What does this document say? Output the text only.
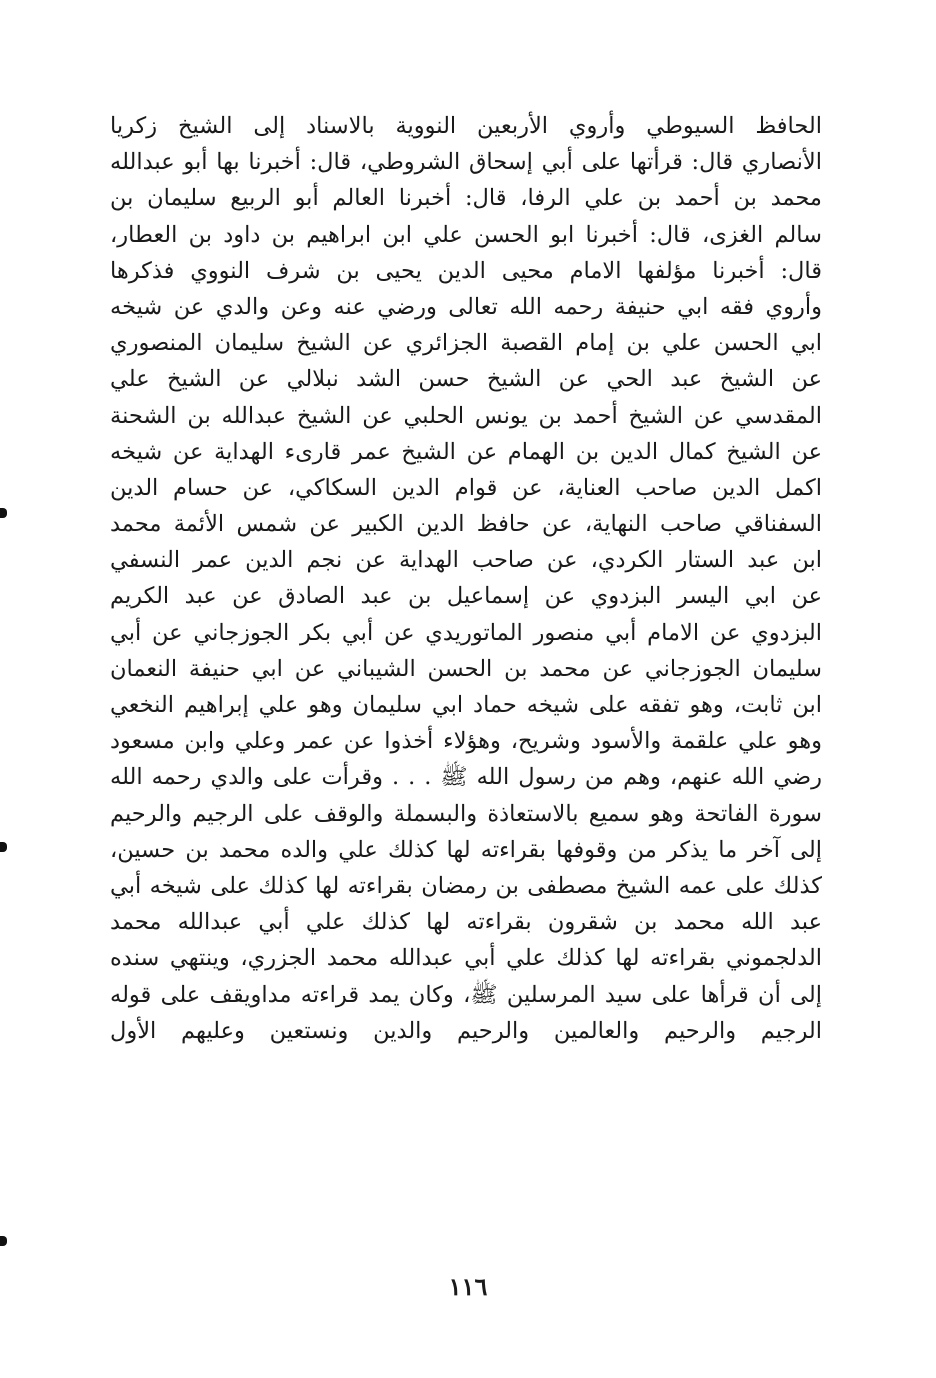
الحافظ السيوطي وأروي الأربعين النووية بالاسناد إلى الشيخ زكريا
الأنصاري قال: قرأتها على أبي إسحاق الشروطي، قال: أخبرنا بها أبو عبدالله
محمد بن أحمد بن علي الرفا، قال: أخبرنا العالم أبو الربيع سليمان بن
سالم الغزى، قال: أخبرنا ابو الحسن علي ابن ابراهيم بن داود بن العطار،
قال: أخبرنا مؤلفها الامام محيى الدين يحيى بن شرف النووي فذكرها
وأروي فقه ابي حنيفة رحمه الله تعالى ورضي عنه وعن والدي عن شيخه
ابي الحسن علي بن إمام القصبة الجزائري عن الشيخ سليمان المنصوري
عن الشيخ عبد الحي عن الشيخ حسن الشد نبلالي عن الشيخ علي
المقدسي عن الشيخ أحمد بن يونس الحلبي عن الشيخ عبدالله بن الشحنة
عن الشيخ كمال الدين بن الهمام عن الشيخ عمر قارىء الهداية عن شيخه
اكمل الدين صاحب العناية، عن قوام الدين السكاكي، عن حسام الدين
السفناقي صاحب النهاية، عن حافظ الدين الكبير عن شمس الأئمة محمد
ابن عبد الستار الكردي، عن صاحب الهداية عن نجم الدين عمر النسفي
عن ابي اليسر البزدوي عن إسماعيل بن عبد الصادق عن عبد الكريم
البزدوي عن الامام أبي منصور الماتوريدي عن أبي بكر الجوزجاني عن أبي
سليمان الجوزجاني عن محمد بن الحسن الشيباني عن ابي حنيفة النعمان
ابن ثابت، وهو تفقه على شيخه حماد ابي سليمان وهو علي إبراهيم النخعي
وهو علي علقمة والأسود وشريح، وهؤلاء أخذوا عن عمر وعلي وابن مسعود
رضي الله عنهم، وهم من رسول الله ﷺ . . . وقرأت على والدي رحمه الله
سورة الفاتحة وهو سميع بالاستعاذة والبسملة والوقف على الرجيم والرحيم
إلى آخر ما يذكر من وقوفها بقراءته لها كذلك علي والده محمد بن حسين،
كذلك على عمه الشيخ مصطفى بن رمضان بقراءته لها كذلك على شيخه أبي
عبد الله محمد بن شقرون بقراءته لها كذلك علي أبي عبدالله محمد
الدلجموني بقراءته لها كذلك علي أبي عبدالله محمد الجزري، وينتهي سنده
إلى أن قرأها على سيد المرسلين ﷺ، وكان يمد قراءته مداويقف على قوله
الرجيم والرحيم والعالمين والرحيم والدين ونستعين وعليهم الأول
١١٦
